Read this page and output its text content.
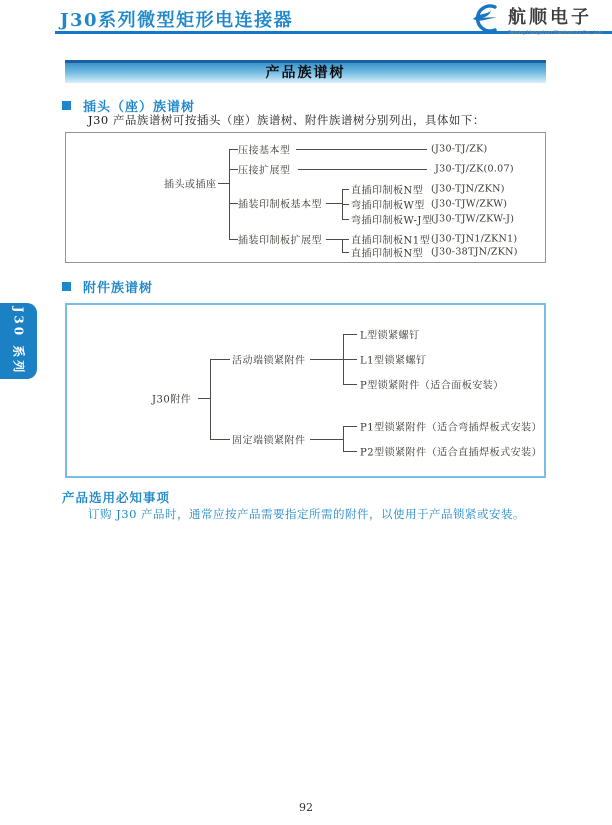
J30系列微型矩形电连接器	航顺电子
Taixing Hangshun Electronics Co., Ltd.
产品族谱树
插头（座）族谱树
J30 产品族谱树可按插头（座）族谱树、附件族谱树分别列出，具体如下：
插头或插座
压接基本型	(J30-TJ/ZK)
压接扩展型	J30-TJ/ZK(0.07)
插装印制板基本型
直插印制板N型 (J30-TJN/ZKN)
弯插印制板W型 (J30-TJW/ZKW)
弯插印制板W-J型
(J30-TJW/ZKW-J)
插装印制板扩展型	直插印制板N1型 (J30-TJN1/ZKN1)
直插印制板N型 (J30-38TJN/ZKN)
附件族谱树
J30附件
活动端锁紧附件
L型锁紧螺钉
L1型锁紧螺钉
P型锁紧附件（适合面板安装）
固定端锁紧附件
P1型锁紧附件（适合弯插焊板式安装）
P2型锁紧附件（适合直插焊板式安装）
J30 系列
产品选用必知事项
订购 J30 产品时，通常应按产品需要指定所需的附件，以使用于产品锁紧或安装。
92
